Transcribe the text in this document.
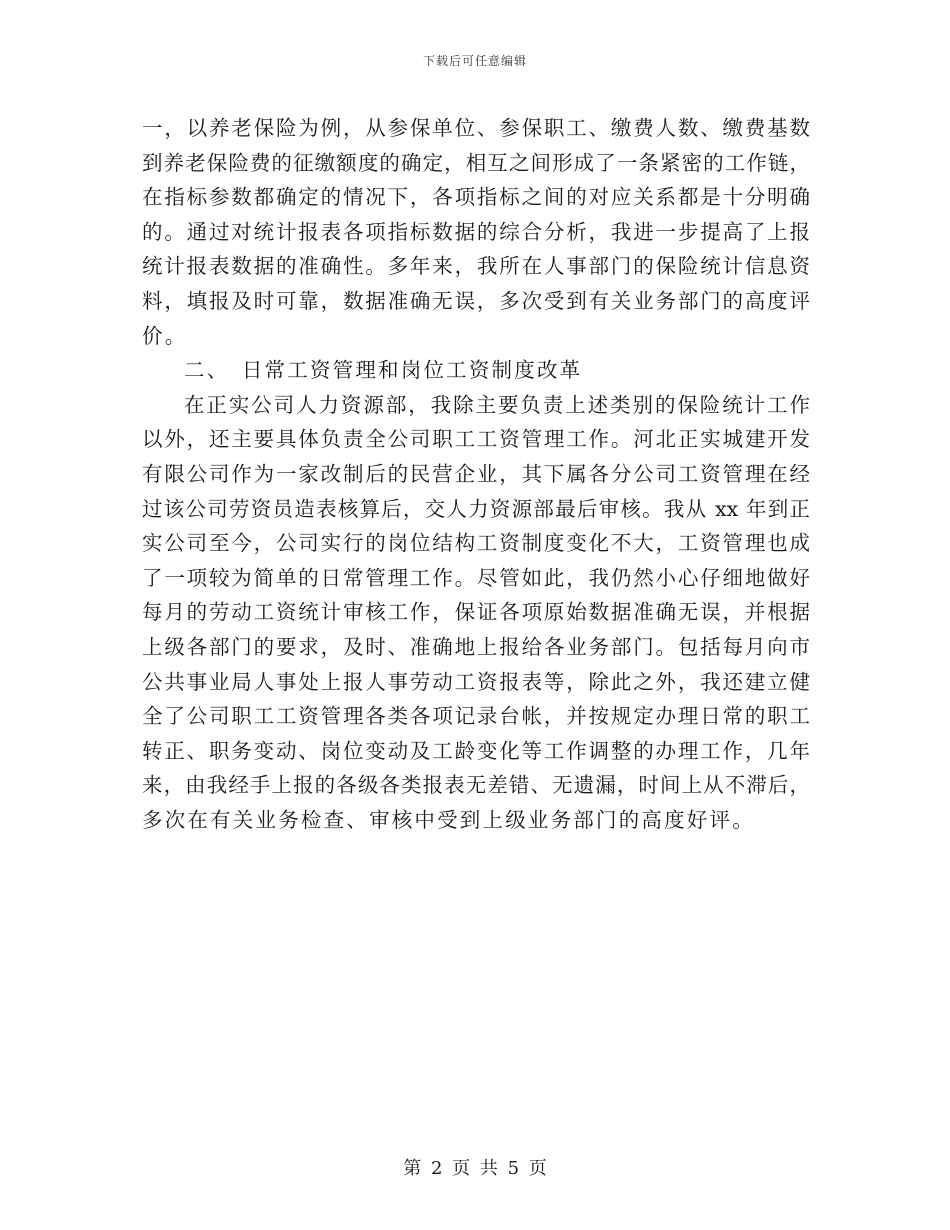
下载后可任意编辑
一，以养老保险为例，从参保单位、参保职工、缴费人数、缴费基数
到养老保险费的征缴额度的确定，相互之间形成了一条紧密的工作链，
在指标参数都确定的情况下，各项指标之间的对应关系都是十分明确
的。通过对统计报表各项指标数据的综合分析，我进一步提高了上报
统计报表数据的准确性。多年来，我所在人事部门的保险统计信息资
料，填报及时可靠，数据准确无误，多次受到有关业务部门的高度评
价。
二、　日常工资管理和岗位工资制度改革
在正实公司人力资源部，我除主要负责上述类别的保险统计工作
以外，还主要具体负责全公司职工工资管理工作。河北正实城建开发
有限公司作为一家改制后的民营企业，其下属各分公司工资管理在经
过该公司劳资员造表核算后，交人力资源部最后审核。我从 xx 年到正
实公司至今，公司实行的岗位结构工资制度变化不大，工资管理也成
了一项较为简单的日常管理工作。尽管如此，我仍然小心仔细地做好
每月的劳动工资统计审核工作，保证各项原始数据准确无误，并根据
上级各部门的要求，及时、准确地上报给各业务部门。包括每月向市
公共事业局人事处上报人事劳动工资报表等，除此之外，我还建立健
全了公司职工工资管理各类各项记录台帐，并按规定办理日常的职工
转正、职务变动、岗位变动及工龄变化等工作调整的办理工作，几年
来，由我经手上报的各级各类报表无差错、无遗漏，时间上从不滞后，
多次在有关业务检查、审核中受到上级业务部门的高度好评。
第 2 页 共 5 页
